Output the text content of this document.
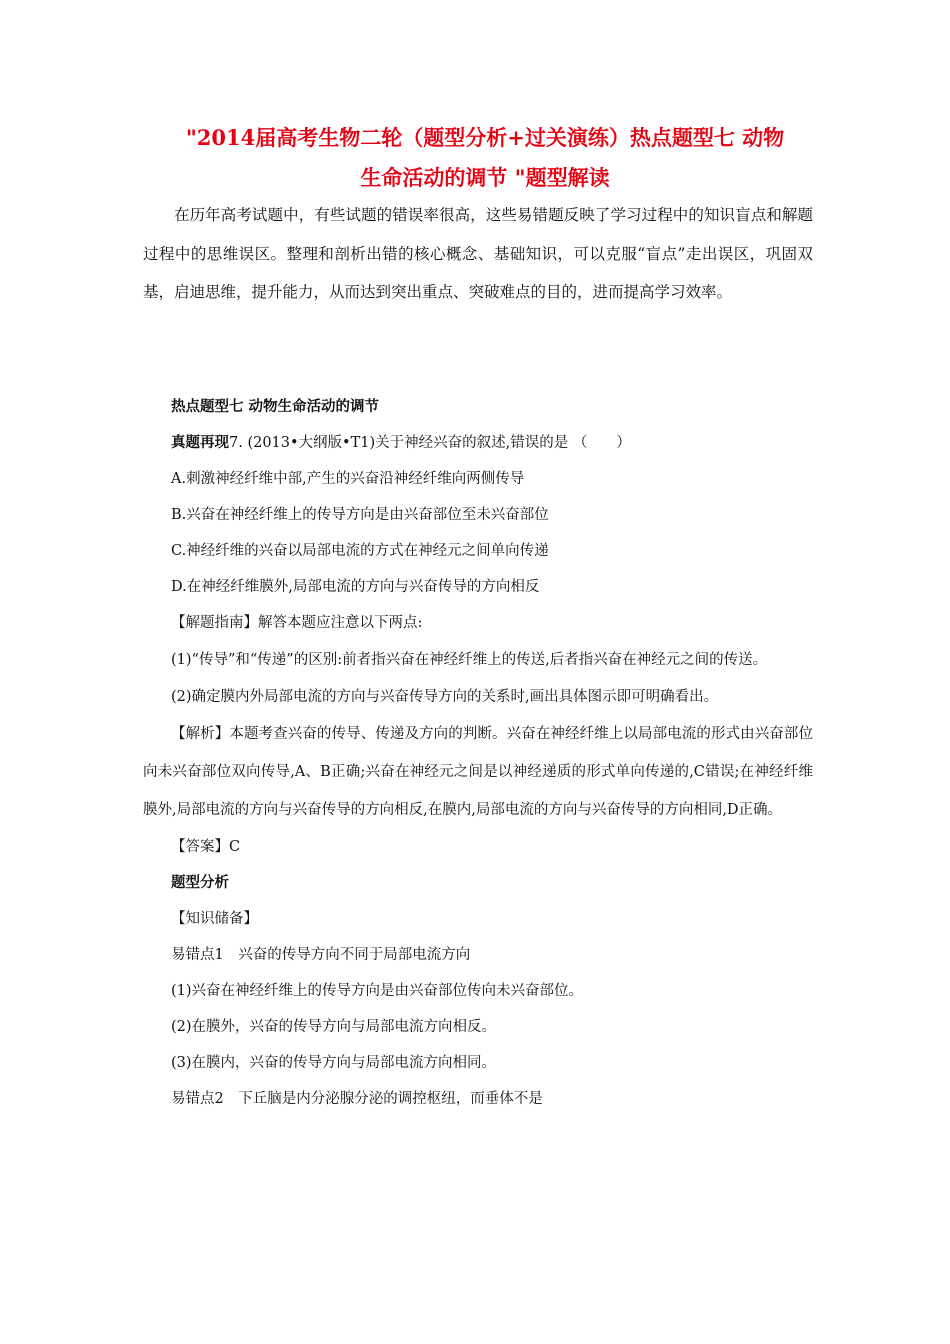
"2014届高考生物二轮（题型分析+过关演练）热点题型七 动物
生命活动的调节 "题型解读
在历年高考试题中，有些试题的错误率很高，这些易错题反映了学习过程中的知识盲点和解题过程中的思维误区。整理和剖析出错的核心概念、基础知识，可以克服“盲点”走出误区，巩固双基，启迪思维，提升能力，从而达到突出重点、突破难点的目的，进而提高学习效率。
热点题型七 动物生命活动的调节
真题再现7. (2013•大纲版•T1)关于神经兴奋的叙述,错误的是 （　　）
A.刺激神经纤维中部,产生的兴奋沿神经纤维向两侧传导
B.兴奋在神经纤维上的传导方向是由兴奋部位至未兴奋部位
C.神经纤维的兴奋以局部电流的方式在神经元之间单向传递
D.在神经纤维膜外,局部电流的方向与兴奋传导的方向相反
【解题指南】解答本题应注意以下两点:
(1)“传导”和“传递”的区别:前者指兴奋在神经纤维上的传送,后者指兴奋在神经元之间的传送。
(2)确定膜内外局部电流的方向与兴奋传导方向的关系时,画出具体图示即可明确看出。
【解析】本题考查兴奋的传导、传递及方向的判断。兴奋在神经纤维上以局部电流的形式由兴奋部位向未兴奋部位双向传导,A、B正确;兴奋在神经元之间是以神经递质的形式单向传递的,C错误;在神经纤维膜外,局部电流的方向与兴奋传导的方向相反,在膜内,局部电流的方向与兴奋传导的方向相同,D正确。
【答案】C
题型分析
【知识储备】
易错点1　兴奋的传导方向不同于局部电流方向
(1)兴奋在神经纤维上的传导方向是由兴奋部位传向未兴奋部位。
(2)在膜外，兴奋的传导方向与局部电流方向相反。
(3)在膜内，兴奋的传导方向与局部电流方向相同。
易错点2　下丘脑是内分泌腺分泌的调控枢纽，而垂体不是
